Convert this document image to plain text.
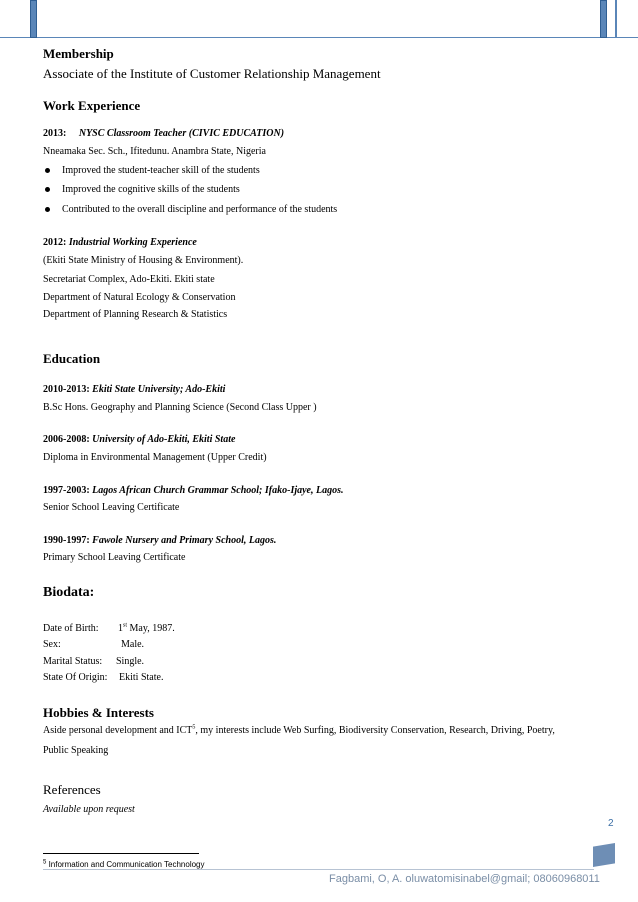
Membership
Associate of the Institute of Customer Relationship Management
Work Experience
2013: NYSC Classroom Teacher (CIVIC EDUCATION)
Nneamaka Sec. Sch., Ifitedunu. Anambra State, Nigeria
Improved the student-teacher skill of the students
Improved the cognitive skills of the students
Contributed to the overall discipline and performance of the students
2012: Industrial Working Experience
(Ekiti State Ministry of Housing & Environment).
Secretariat Complex, Ado-Ekiti. Ekiti state
Department of Natural Ecology & Conservation
Department of Planning Research & Statistics
Education
2010-2013: Ekiti State University; Ado-Ekiti
B.Sc Hons. Geography and Planning Science (Second Class Upper )
2006-2008: University of Ado-Ekiti, Ekiti State
Diploma in Environmental Management (Upper Credit)
1997-2003: Lagos African Church Grammar School; Ifako-Ijaye, Lagos.
Senior School Leaving Certificate
1990-1997: Fawole Nursery and Primary School, Lagos.
Primary School Leaving Certificate
Biodata:
Date of Birth: 1st May, 1987.
Sex:	Male.
Marital Status: Single.
State Of Origin: Ekiti State.
Hobbies & Interests
Aside personal development and ICT$^5$, my interests include Web Surfing, Biodiversity Conservation, Research, Driving, Poetry,
Public Speaking
References
Available upon request
2
$^5$ Information and Communication Technology
Fagbami, O, A. oluwatomisinabel@gmail; 08060968011
